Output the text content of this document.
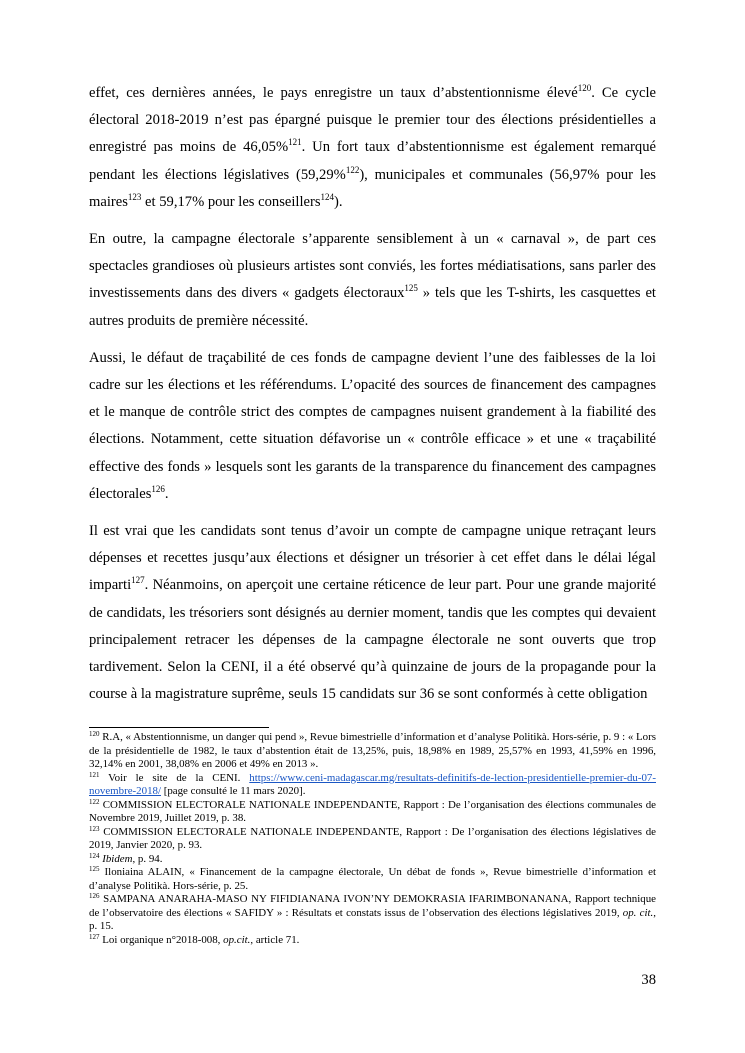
effet, ces dernières années, le pays enregistre un taux d’abstentionnisme élevé$^{120}$. Ce cycle électoral 2018-2019 n’est pas épargné puisque le premier tour des élections présidentielles a enregistré pas moins de 46,05%$^{121}$. Un fort taux d’abstentionnisme est également remarqué pendant les élections législatives (59,29%$^{122}$), municipales et communales (56,97% pour les maires$^{123}$ et 59,17% pour les conseillers$^{124}$).

En outre, la campagne électorale s’apparente sensiblement à un « carnaval », de part ces spectacles grandioses où plusieurs artistes sont conviés, les fortes médiatisations, sans parler des investissements dans des divers « gadgets électoraux$^{125}$ » tels que les T-shirts, les casquettes et autres produits de première nécessité.

Aussi, le défaut de traçabilité de ces fonds de campagne devient l’une des faiblesses de la loi cadre sur les élections et les référendums. L’opacité des sources de financement des campagnes et le manque de contrôle strict des comptes de campagnes nuisent grandement à la fiabilité des élections. Notamment, cette situation défavorise un « contrôle efficace » et une « traçabilité effective des fonds » lesquels sont les garants de la transparence du financement des campagnes électorales$^{126}$.

Il est vrai que les candidats sont tenus d’avoir un compte de campagne unique retraçant leurs dépenses et recettes jusqu’aux élections et désigner un trésorier à cet effet dans le délai légal imparti$^{127}$. Néanmoins, on aperçoit une certaine réticence de leur part. Pour une grande majorité de candidats, les trésoriers sont désignés au dernier moment, tandis que les comptes qui devaient principalement retracer les dépenses de la campagne électorale ne sont ouverts que trop tardivement. Selon la CENI, il a été observé qu’à quinzaine de jours de la propagande pour la course à la magistrature suprême, seuls 15 candidats sur 36 se sont conformés à cette obligation

$^{120}$ R.A, « Abstentionnisme, un danger qui pend », Revue bimestrielle d’information et d’analyse Politikà. Hors-série, p. 9 : « Lors de la présidentielle de 1982, le taux d’abstention était de 13,25%, puis, 18,98% en 1989, 25,57% en 1993, 41,59% en 1996, 32,14% en 2001, 38,08% en 2006 et 49% en 2013 ».

$^{121}$ Voir le site de la CENI. https://www.ceni-madagascar.mg/resultats-definitifs-de-lection-presidentielle-premier-du-07-novembre-2018/ [page consulté le 11 mars 2020].

$^{122}$ COMMISSION ELECTORALE NATIONALE INDEPENDANTE, Rapport : De l’organisation des élections communales de Novembre 2019, Juillet 2019, p. 38.

$^{123}$ COMMISSION ELECTORALE NATIONALE INDEPENDANTE, Rapport : De l’organisation des élections législatives de 2019, Janvier 2020, p. 93.

$^{124}$ Ibidem, p. 94.

$^{125}$ Iloniaina ALAIN, « Financement de la campagne électorale, Un débat de fonds », Revue bimestrielle d’information et d’analyse Politikà. Hors-série, p. 25.

$^{126}$ SAMPANA ANARAHA-MASO NY FIFIDIANANA IVON’NY DEMOKRASIA IFARIMBONANANA, Rapport technique de l’observatoire des élections « SAFIDY » : Résultats et constats issus de l’observation des élections législatives 2019, op. cit., p. 15.

$^{127}$ Loi organique n°2018-008, op.cit., article 71.

38
